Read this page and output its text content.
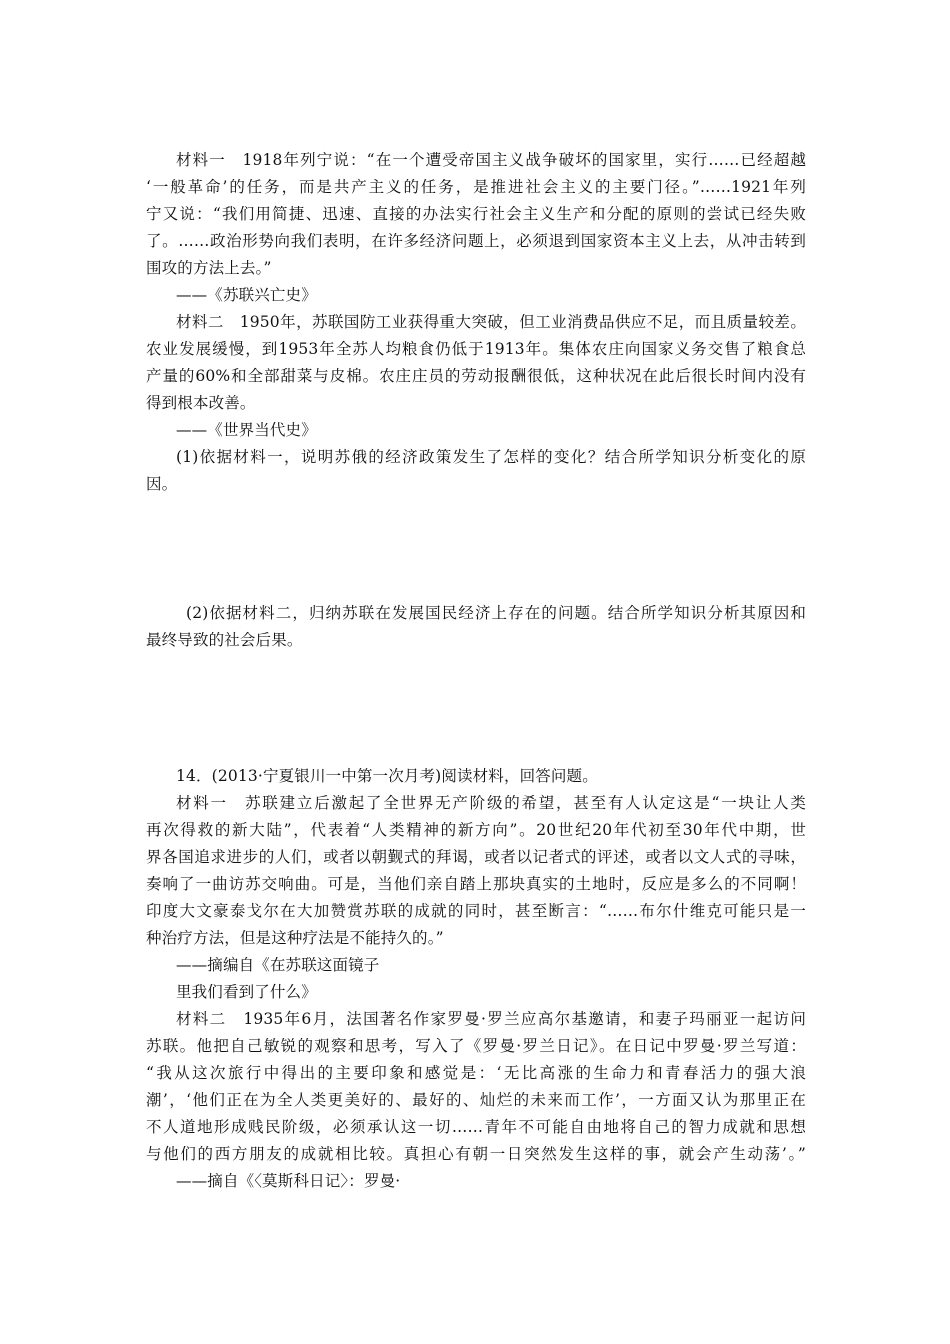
材料一　1918年列宁说：“在一个遭受帝国主义战争破坏的国家里，实行……已经超越
‘一般革命’的任务，而是共产主义的任务，是推进社会主义的主要门径。”……1921年列
宁又说：“我们用简捷、迅速、直接的办法实行社会主义生产和分配的原则的尝试已经失败
了。……政治形势向我们表明，在许多经济问题上，必须退到国家资本主义上去，从冲击转到
围攻的方法上去。”
——《苏联兴亡史》
材料二　1950年，苏联国防工业获得重大突破，但工业消费品供应不足，而且质量较差。
农业发展缓慢，到1953年全苏人均粮食仍低于1913年。集体农庄向国家义务交售了粮食总
产量的60%和全部甜菜与皮棉。农庄庄员的劳动报酬很低，这种状况在此后很长时间内没有
得到根本改善。
——《世界当代史》
(1)依据材料一，说明苏俄的经济政策发生了怎样的变化？结合所学知识分析变化的原
因。
(2)依据材料二，归纳苏联在发展国民经济上存在的问题。结合所学知识分析其原因和
最终导致的社会后果。
14．(2013·宁夏银川一中第一次月考)阅读材料，回答问题。
材料一　苏联建立后激起了全世界无产阶级的希望，甚至有人认定这是“一块让人类
再次得救的新大陆”，代表着“人类精神的新方向”。20世纪20年代初至30年代中期，世
界各国追求进步的人们，或者以朝觐式的拜谒，或者以记者式的评述，或者以文人式的寻味，
奏响了一曲访苏交响曲。可是，当他们亲自踏上那块真实的土地时，反应是多么的不同啊！
印度大文豪泰戈尔在大加赞赏苏联的成就的同时，甚至断言：“……布尔什维克可能只是一
种治疗方法，但是这种疗法是不能持久的。”
——摘编自《在苏联这面镜子
里我们看到了什么》
材料二　1935年6月，法国著名作家罗曼·罗兰应高尔基邀请，和妻子玛丽亚一起访问
苏联。他把自己敏锐的观察和思考，写入了《罗曼·罗兰日记》。在日记中罗曼·罗兰写道：
“我从这次旅行中得出的主要印象和感觉是：‘无比高涨的生命力和青春活力的强大浪
潮’，‘他们正在为全人类更美好的、最好的、灿烂的未来而工作’，一方面又认为那里正在
不人道地形成贱民阶级，必须承认这一切……青年不可能自由地将自己的智力成就和思想
与他们的西方朋友的成就相比较。真担心有朝一日突然发生这样的事，就会产生动荡’。”
——摘自《〈莫斯科日记〉：罗曼·
